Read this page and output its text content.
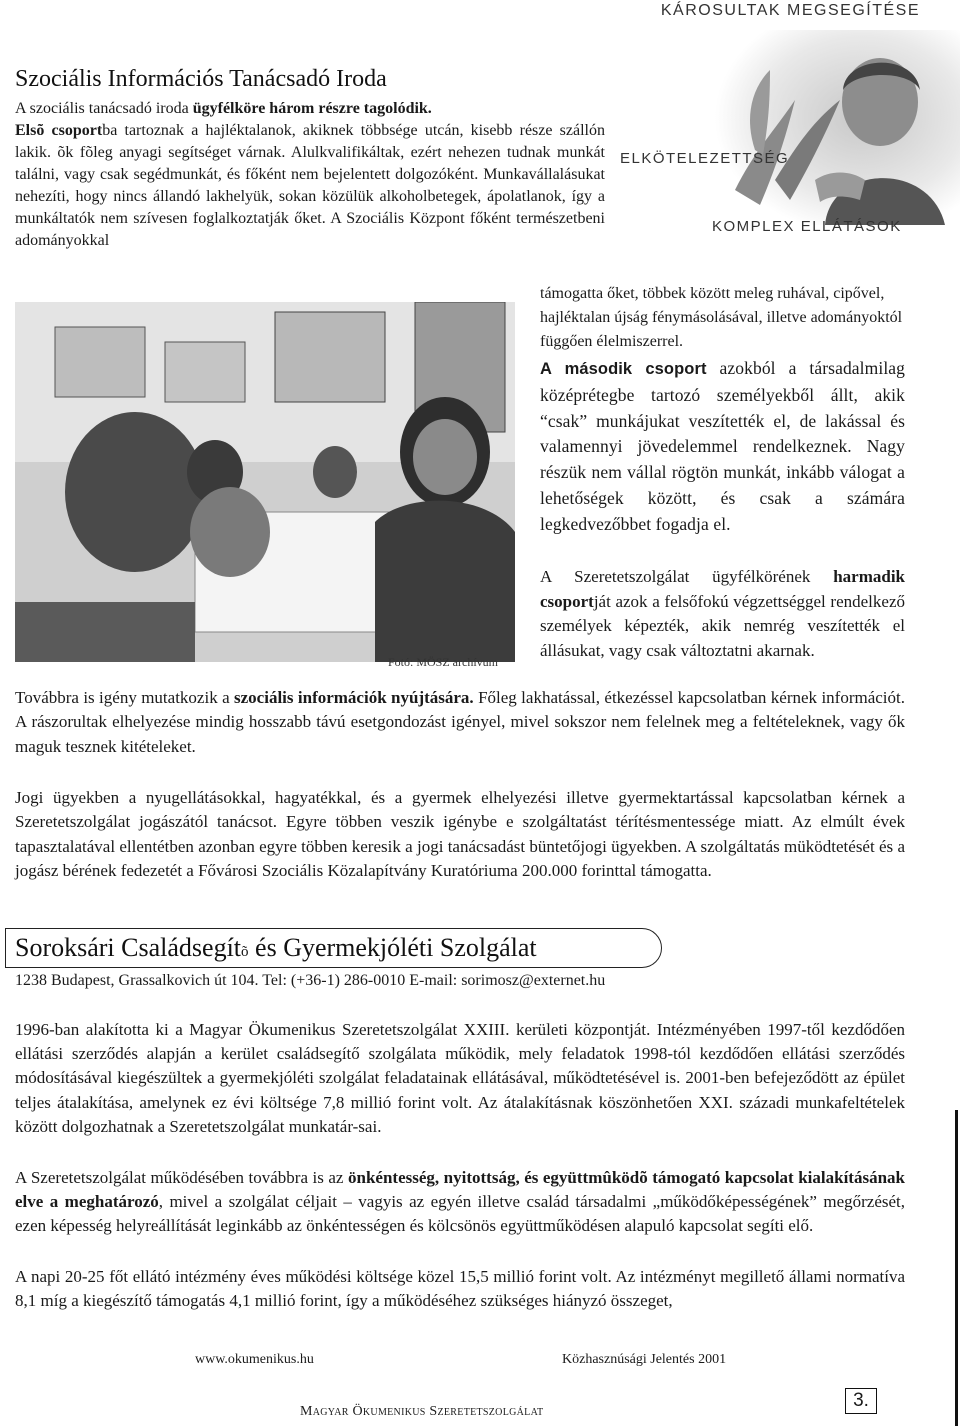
KÁROSULTAK MEGSEGÍTÉSE
ELKÖTELEZETTSÉG
KOMPLEX ELLÁTÁSOK
Szociális Információs Tanácsadó Iroda

A szociális tanácsadó iroda ügyfélköre három részre tagolódik.

Elsõ csoportba tartoznak a hajléktalanok, akiknek többsége utcán, kisebb része szállón lakik. õk fõleg anyagi segítséget várnak. Alulkvalifikáltak, ezért nehezen tudnak munkát találni, vagy csak segédmunkát, és főként nem bejelentett dolgozóként. Munkavállalásukat nehezíti, hogy nincs állandó lakhelyük, sokan közülük alkoholbetegek, ápolatlanok, így a munkáltatók nem szívesen foglalkoztatják őket. A Szociális Központ főként természetbeni adományokkal

támogatta őket, többek között meleg ruhával, cipővel, hajléktalan újság fénymásolásával, illetve adományoktól függően élelmiszerrel.

A második csoport azokból a társadalmilag középrétegbe tartozó személyekből állt, akik “csak” munkájukat veszítették el, de lakással és valamennyi jövedelemmel rendelkeznek. Nagy részük nem vállal rögtön munkát, inkább válogat a lehetőségek között, és csak a számára legkedvezőbbet fogadja el.

A Szeretetszolgálat ügyfélkörének harmadik csoportját azok a felsőfokú végzettséggel rendelkező személyek képezték, akik nemrég veszítették el állásukat, vagy csak változtatni akarnak.

Fotó: MÖSZ archívum

Továbbra is igény mutatkozik a szociális információk nyújtására. Főleg lakhatással, étkezéssel kapcsolatban kérnek információt. A rászorultak elhelyezése mindig hosszabb távú esetgondozást igényel, mivel sokszor nem felelnek meg a feltételeknek, vagy ők maguk tesznek kitételeket.

Jogi ügyekben a nyugellátásokkal, hagyatékkal, és a gyermek elhelyezési illetve gyermektartással kapcsolatban kérnek a Szeretetszolgálat jogászától tanácsot. Egyre többen veszik igénybe e szolgáltatást térítésmentessége miatt. Az elmúlt évek tapasztalatával ellentétben azonban egyre többen keresik a jogi tanácsadást büntetőjogi ügyekben. A szolgáltatás müködtetését és a jogász bérének fedezetét a Fővárosi Szociális Közalapítvány Kuratóriuma 200.000 forinttal támogatta.

Soroksári Családsegítõ és Gyermekjóléti Szolgálat
1238 Budapest, Grassalkovich út 104. Tel: (+36-1) 286-0010 E-mail: sorimosz@externet.hu

1996-ban alakította ki a Magyar Ökumenikus Szeretetszolgálat XXIII. kerületi központját. Intézményében 1997-től kezdődően ellátási szerződés alapján a kerület családsegítő szolgálata működik, mely feladatok 1998-tól kezdődően ellátási szerződés módosításával kiegészültek a gyermekjóléti szolgálat feladatainak ellátásával, működtetésével is. 2001-ben befejeződött az épület teljes átalakítása, amelynek ez évi költsége 7,8 millió forint volt. Az átalakításnak köszönhetően XXI. századi munkafeltételek között dolgozhatnak a Szeretetszolgálat munkatár-sai.

A Szeretetszolgálat működésében továbbra is az önkéntesség, nyitottság, és együttmûködõ támogató kapcsolat kialakításának elve a meghatározó, mivel a szolgálat céljait – vagyis az egyén illetve család társadalmi „működőképességének” megőrzését, ezen képesség helyreállítását leginkább az önkéntességen és kölcsönös együttműködésen alapuló kapcsolat segíti elő.

A napi 20-25 főt ellátó intézmény éves működési költsége közel 15,5 millió forint volt. Az intézményt megillető állami normatíva 8,1 míg a kiegészítő támogatás 4,1 millió forint, így a működéséhez szükséges hiányzó összeget,

www.okumenikus.hu	Közhasznúsági Jelentés 2001
Magyar Ökumenikus Szeretetszolgálat
3.
